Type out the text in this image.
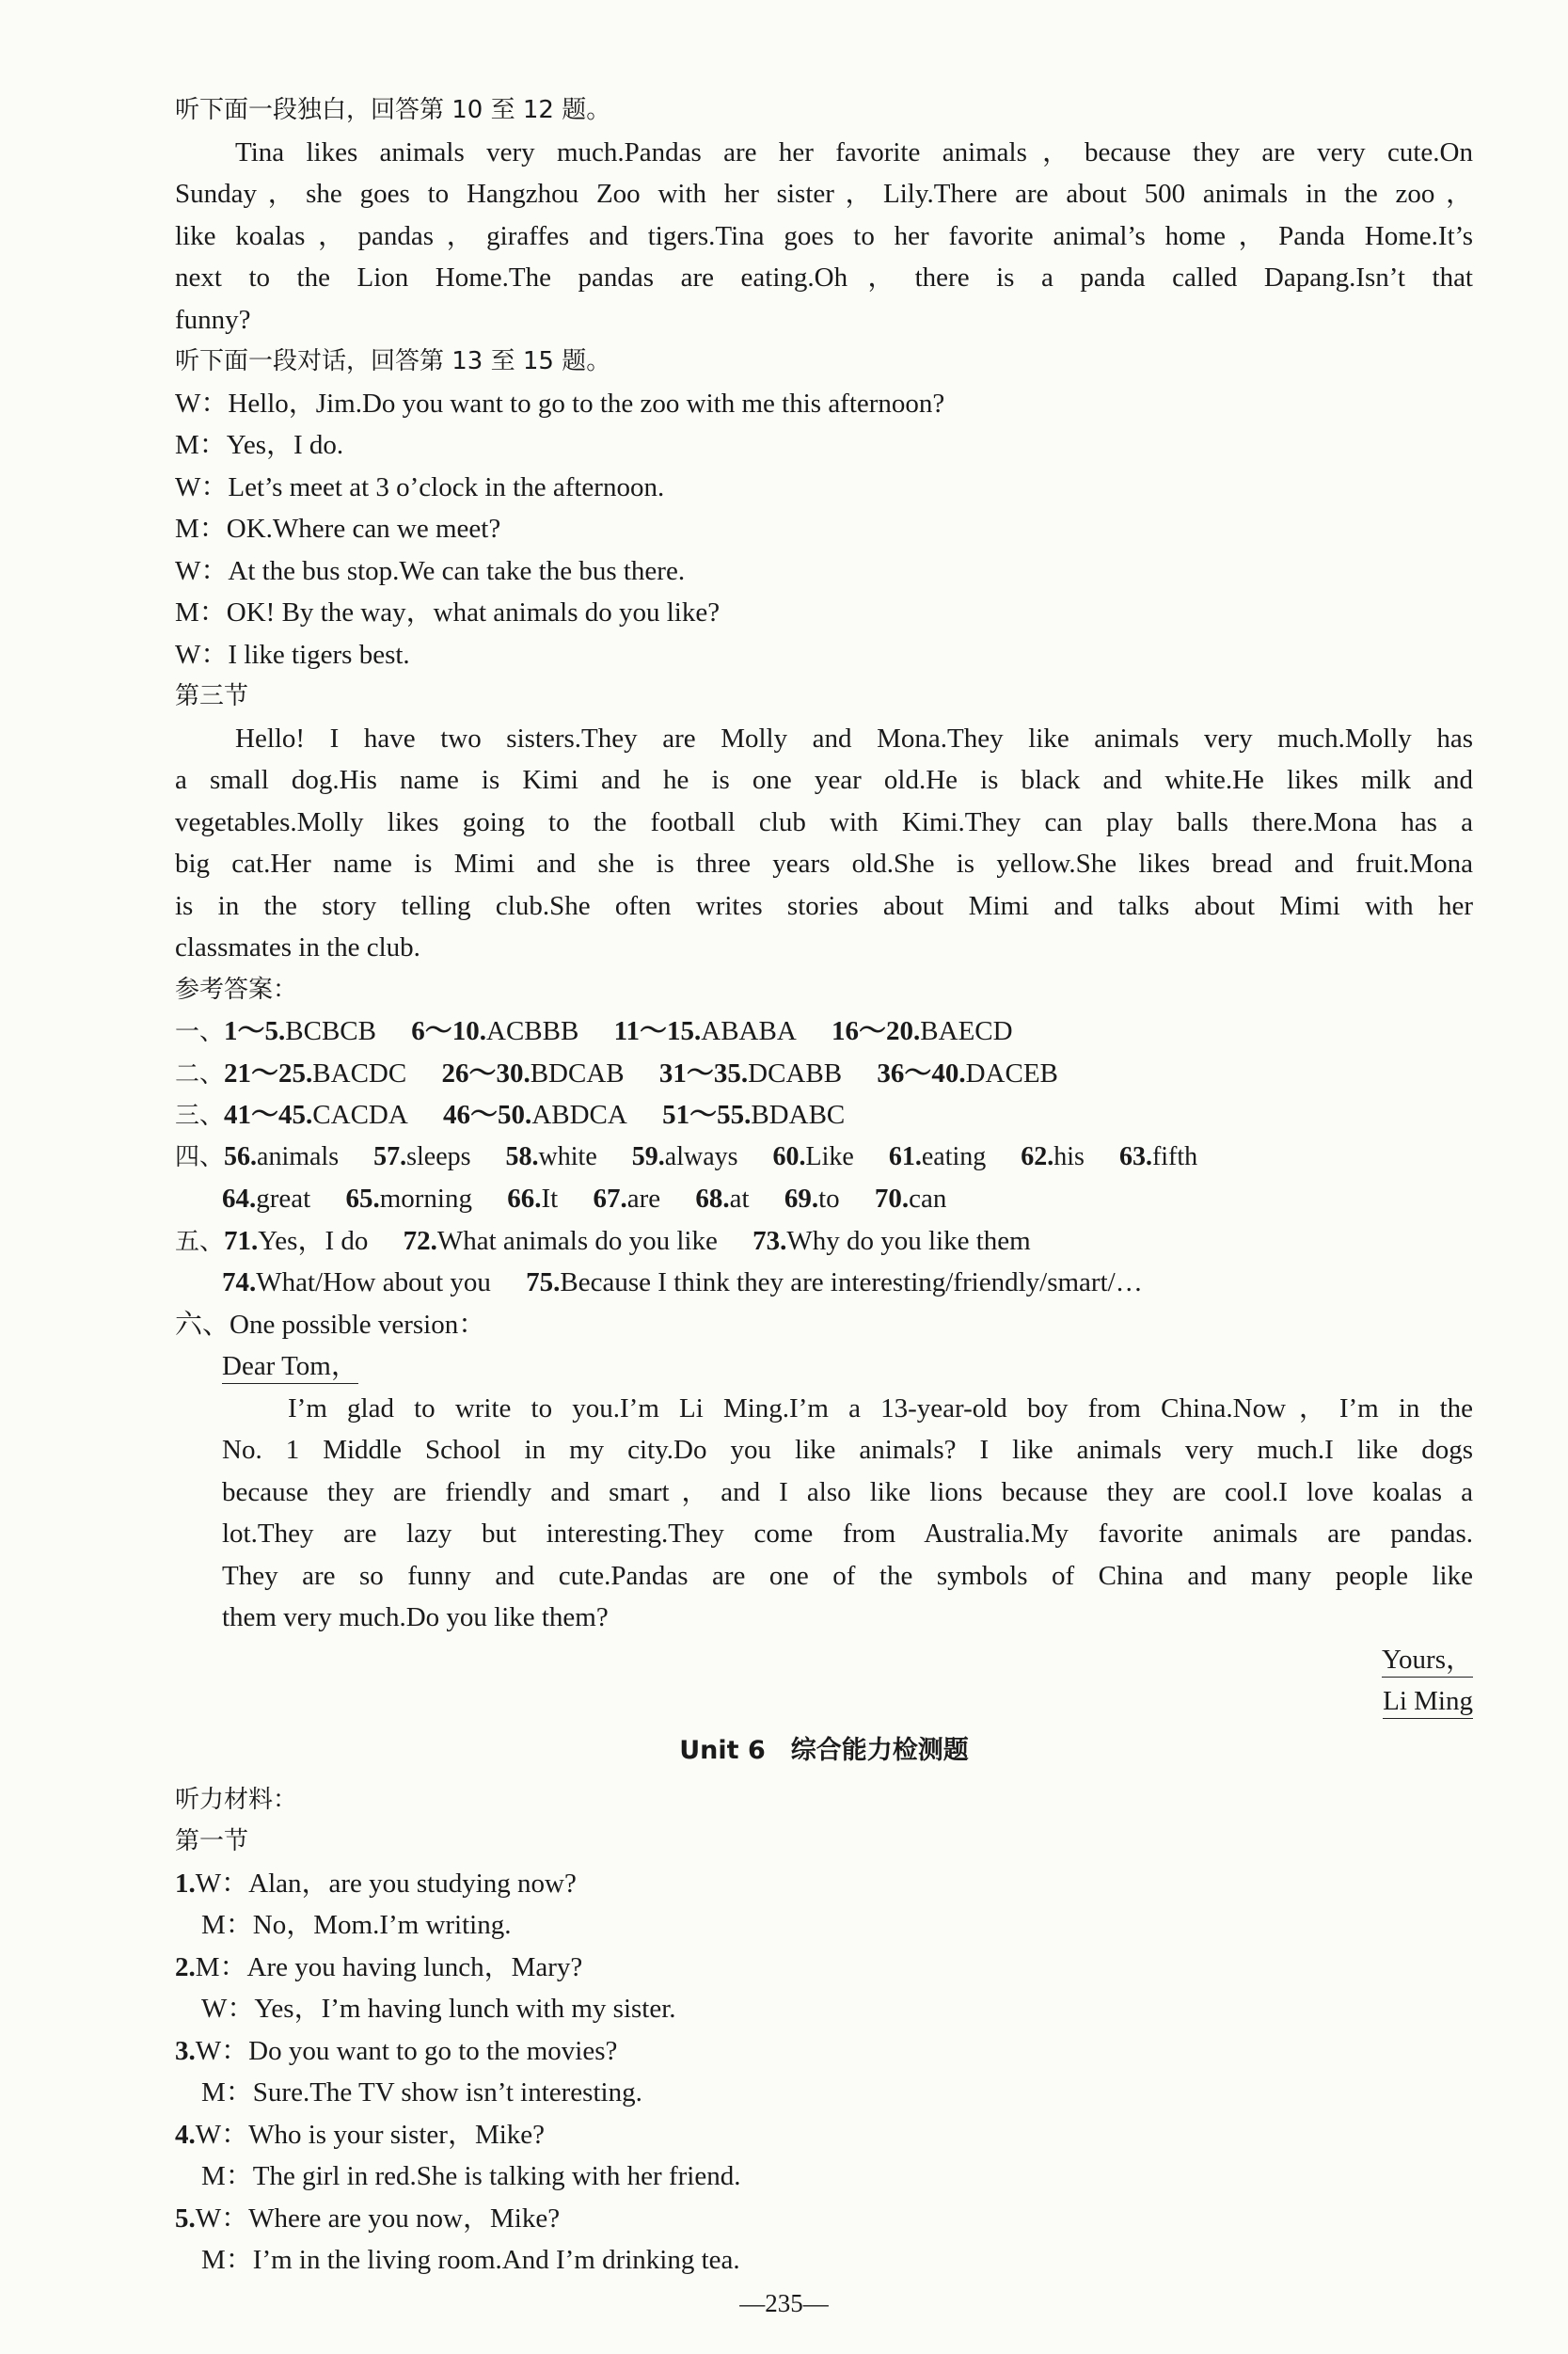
听下面一段独白，回答第 10 至 12 题。
Tina likes animals very much.Pandas are her favorite animals，because they are very cute.On
Sunday，she goes to Hangzhou Zoo with her sister，Lily.There are about 500 animals in the zoo，
like koalas，pandas，giraffes and tigers.Tina goes to her favorite animal’s home，Panda Home.It’s
next to the Lion Home.The pandas are eating.Oh，there is a panda called Dapang.Isn’t that
funny?
听下面一段对话，回答第 13 至 15 题。
W：Hello，Jim.Do you want to go to the zoo with me this afternoon?
M：Yes，I do.
W：Let’s meet at 3 o’clock in the afternoon.
M：OK.Where can we meet?
W：At the bus stop.We can take the bus there.
M：OK! By the way，what animals do you like?
W：I like tigers best.
第三节
Hello! I have two sisters.They are Molly and Mona.They like animals very much.Molly has
a small dog.His name is Kimi and he is one year old.He is black and white.He likes milk and
vegetables.Molly likes going to the football club with Kimi.They can play balls there.Mona has a
big cat.Her name is Mimi and she is three years old.She is yellow.She likes bread and fruit.Mona
is in the story telling club.She often writes stories about Mimi and talks about Mimi with her
classmates in the club.
参考答案：
一、1～5.BCBCB 6～10.ACBBB 11～15.ABABA 16～20.BAECD
二、21～25.BACDC 26～30.BDCAB 31～35.DCABB 36～40.DACEB
三、41～45.CACDA 46～50.ABDCA 51～55.BDABC
四、56.animals 57.sleeps 58.white 59.always 60.Like 61.eating 62.his 63.fifth
64.great 65.morning 66.It 67.are 68.at 69.to 70.can
五、71.Yes，I do 72.What animals do you like 73.Why do you like them
74.What/How about you 75.Because I think they are interesting/friendly/smart/…
六、One possible version：
Dear Tom，
I’m glad to write to you.I’m Li Ming.I’m a 13-year-old boy from China.Now，I’m in the
No. 1 Middle School in my city.Do you like animals? I like animals very much.I like dogs
because they are friendly and smart，and I also like lions because they are cool.I love koalas a
lot.They are lazy but interesting.They come from Australia.My favorite animals are pandas.
They are so funny and cute.Pandas are one of the symbols of China and many people like
them very much.Do you like them?
Yours，
Li Ming
Unit 6　综合能力检测题
听力材料：
第一节
1.W：Alan，are you studying now?
M：No，Mom.I’m writing.
2.M：Are you having lunch，Mary?
W：Yes，I’m having lunch with my sister.
3.W：Do you want to go to the movies?
M：Sure.The TV show isn’t interesting.
4.W：Who is your sister，Mike?
M：The girl in red.She is talking with her friend.
5.W：Where are you now，Mike?
M：I’m in the living room.And I’m drinking tea.
—235—
